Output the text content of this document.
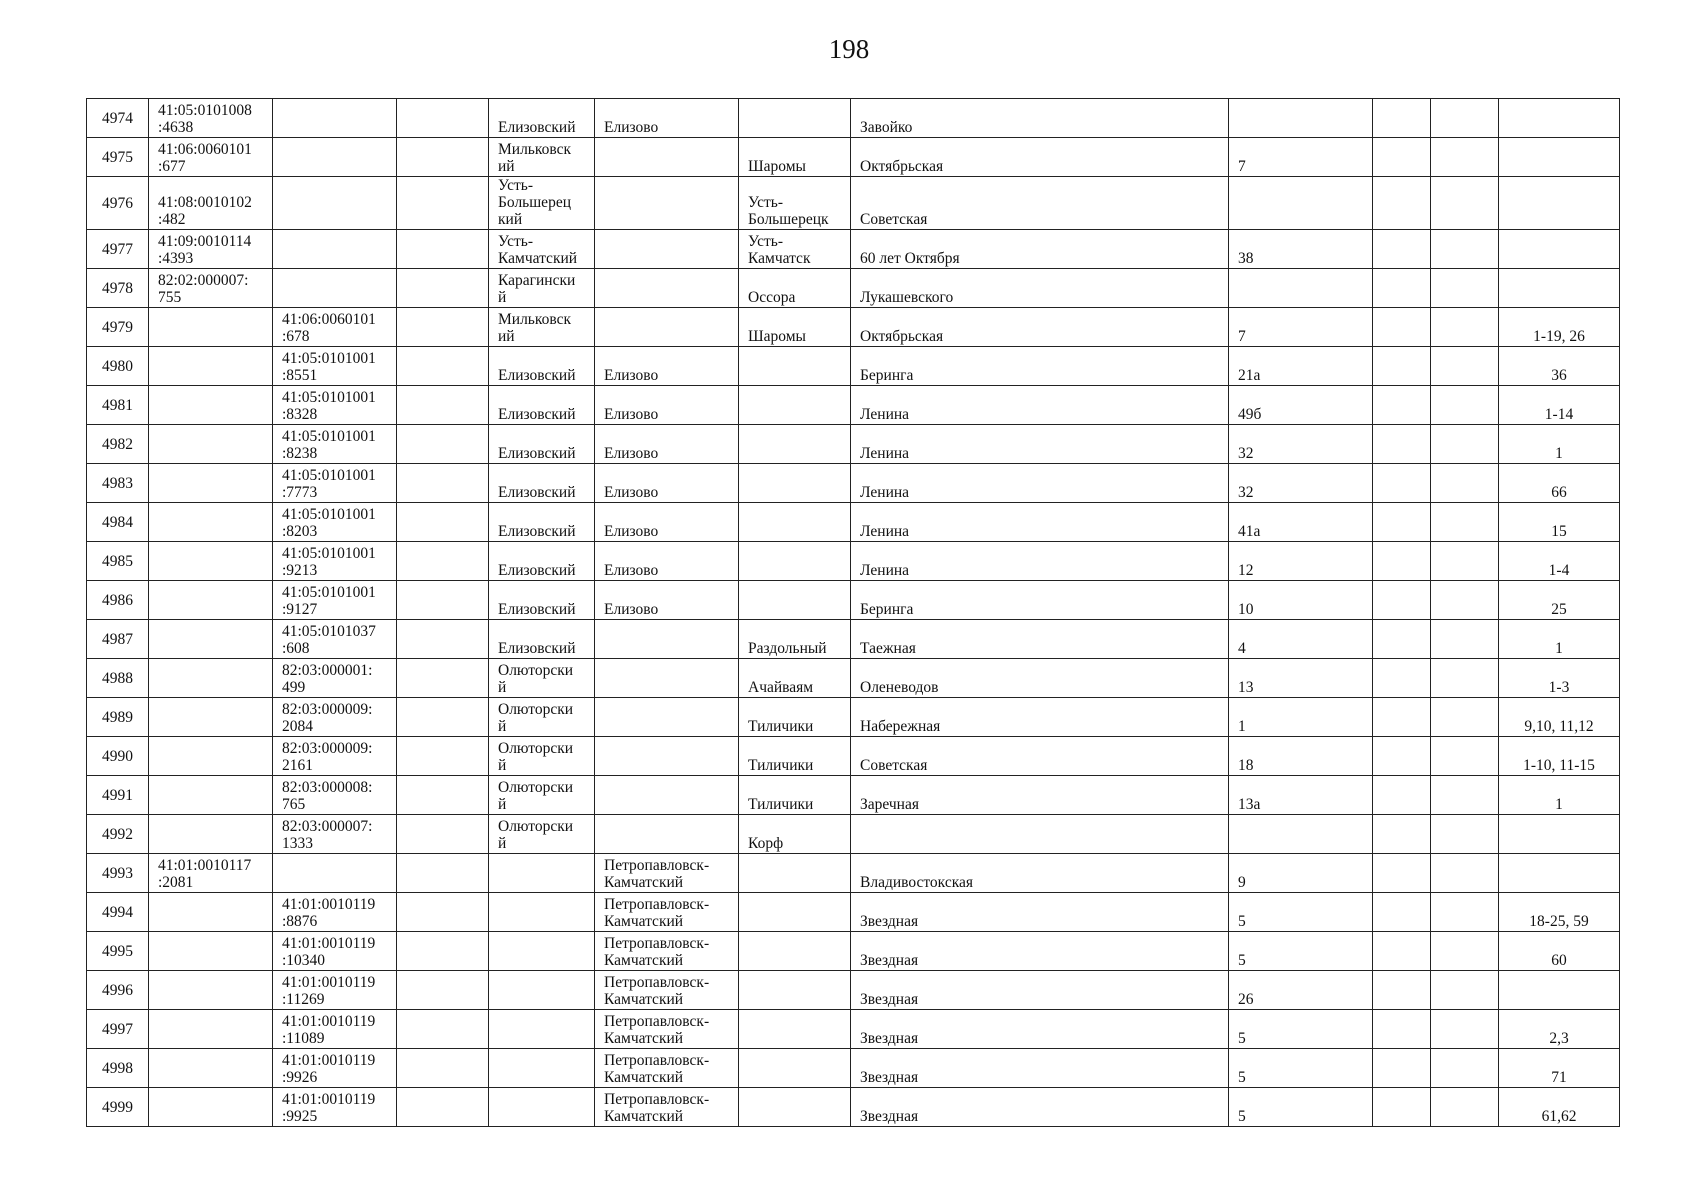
198
4974	41:05:0101008
:4638			Елизовский	Елизово		Завойко				
4975	41:06:0060101
:677			Мильковск
ий		Шаромы	Октябрьская	7			
4976	41:08:0010102
:482			Усть-
Большерец
кий		Усть-
Большерецк	Советская				
4977	41:09:0010114
:4393			Усть-
Камчатский		Усть-
Камчатск	60 лет Октября	38			
4978	82:02:000007:
755			Карагински
й		Оссора	Лукашевского				
4979		41:06:0060101
:678		Мильковск
ий		Шаромы	Октябрьская	7			1-19, 26
4980		41:05:0101001
:8551		Елизовский	Елизово		Беринга	21а			36
4981		41:05:0101001
:8328		Елизовский	Елизово		Ленина	49б			1-14
4982		41:05:0101001
:8238		Елизовский	Елизово		Ленина	32			1
4983		41:05:0101001
:7773		Елизовский	Елизово		Ленина	32			66
4984		41:05:0101001
:8203		Елизовский	Елизово		Ленина	41а			15
4985		41:05:0101001
:9213		Елизовский	Елизово		Ленина	12			1-4
4986		41:05:0101001
:9127		Елизовский	Елизово		Беринга	10			25
4987		41:05:0101037
:608		Елизовский		Раздольный	Таежная	4			1
4988		82:03:000001:
499		Олюторски
й		Ачайваям	Оленеводов	13			1-3
4989		82:03:000009:
2084		Олюторски
й		Тиличики	Набережная	1			9,10, 11,12
4990		82:03:000009:
2161		Олюторски
й		Тиличики	Советская	18			1-10, 11-15
4991		82:03:000008:
765		Олюторски
й		Тиличики	Заречная	13а			1
4992		82:03:000007:
1333		Олюторски
й		Корф					
4993	41:01:0010117
:2081				Петропавловск-
Камчатский		Владивостокская	9			
4994		41:01:0010119
:8876			Петропавловск-
Камчатский		Звездная	5			18-25, 59
4995		41:01:0010119
:10340			Петропавловск-
Камчатский		Звездная	5			60
4996		41:01:0010119
:11269			Петропавловск-
Камчатский		Звездная	26			
4997		41:01:0010119
:11089			Петропавловск-
Камчатский		Звездная	5			2,3
4998		41:01:0010119
:9926			Петропавловск-
Камчатский		Звездная	5			71
4999		41:01:0010119
:9925			Петропавловск-
Камчатский		Звездная	5			61,62
